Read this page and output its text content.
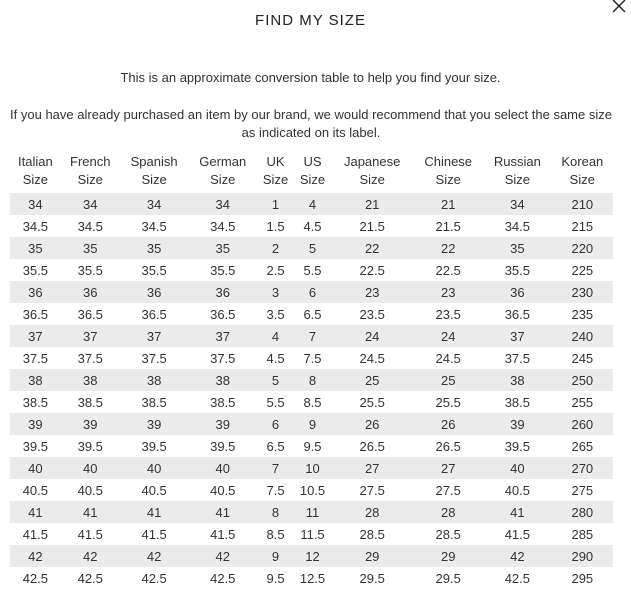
FIND MY SIZE
This is an approximate conversion table to help you find your size.
If you have already purchased an item by our brand, we would recommend that you select the same size as indicated on its label.
Italian
Size	French
Size	Spanish
Size	German
Size	UK
Size	US
Size	Japanese
Size	Chinese
Size	Russian
Size	Korean
Size
34	34	34	34	1	4	21	21	34	210
34.5	34.5	34.5	34.5	1.5	4.5	21.5	21.5	34.5	215
35	35	35	35	2	5	22	22	35	220
35.5	35.5	35.5	35.5	2.5	5.5	22.5	22.5	35.5	225
36	36	36	36	3	6	23	23	36	230
36.5	36.5	36.5	36.5	3.5	6.5	23.5	23.5	36.5	235
37	37	37	37	4	7	24	24	37	240
37.5	37.5	37.5	37.5	4.5	7.5	24.5	24.5	37.5	245
38	38	38	38	5	8	25	25	38	250
38.5	38.5	38.5	38.5	5.5	8.5	25.5	25.5	38.5	255
39	39	39	39	6	9	26	26	39	260
39.5	39.5	39.5	39.5	6.5	9.5	26.5	26.5	39.5	265
40	40	40	40	7	10	27	27	40	270
40.5	40.5	40.5	40.5	7.5	10.5	27.5	27.5	40.5	275
41	41	41	41	8	11	28	28	41	280
41.5	41.5	41.5	41.5	8.5	11.5	28.5	28.5	41.5	285
42	42	42	42	9	12	29	29	42	290
42.5	42.5	42.5	42.5	9.5	12.5	29.5	29.5	42.5	295
